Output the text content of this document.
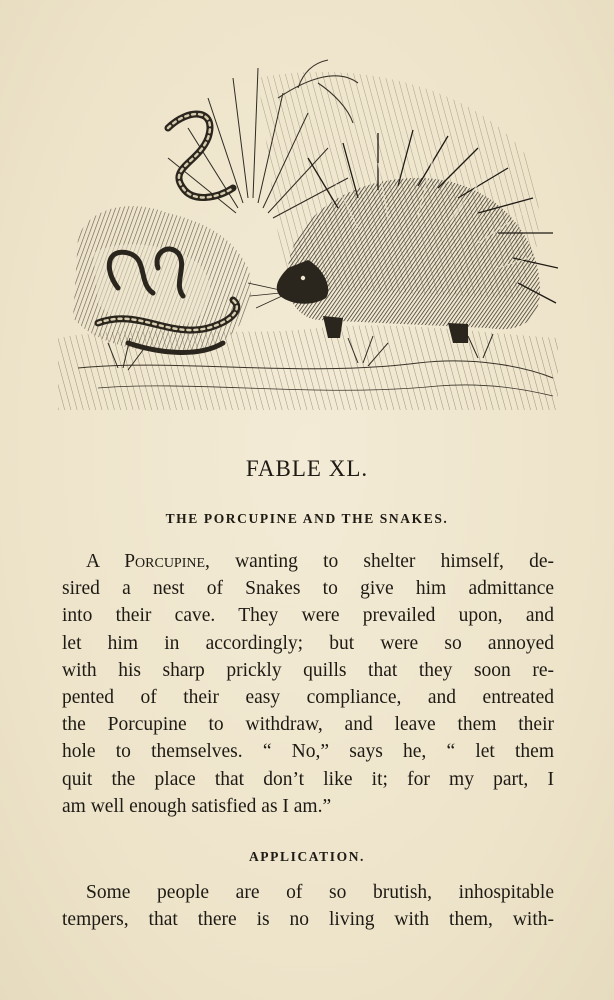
FABLE XL.
THE PORCUPINE AND THE SNAKES.
A Porcupine, wanting to shelter himself, de-
sired a nest of Snakes to give him admittance
into their cave. They were prevailed upon, and
let him in accordingly; but were so annoyed
with his sharp prickly quills that they soon re-
pented of their easy compliance, and entreated
the Porcupine to withdraw, and leave them their
hole to themselves. “ No,” says he, “ let them
quit the place that don’t like it; for my part, I
am well enough satisfied as I am.”
APPLICATION.
Some people are of so brutish, inhospitable
tempers, that there is no living with them, with-
